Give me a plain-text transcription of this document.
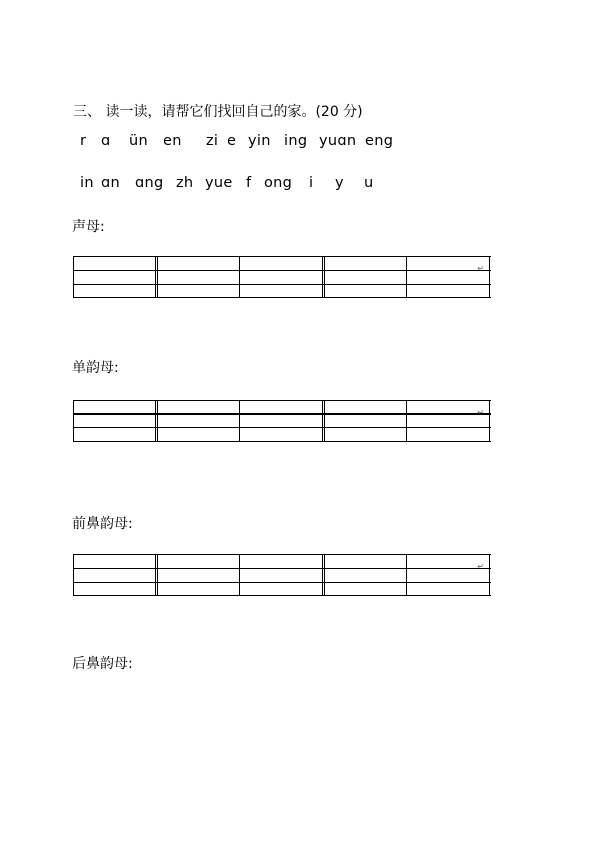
三、 读一读，请帮它们找回自己的家。(20 分)
r ɑ ün en zi e yin ing yuɑn eng
in ɑn ɑng zh yue f ong i y u
声母:
↵
单韵母:
↵
前鼻韵母:
↵
后鼻韵母:
